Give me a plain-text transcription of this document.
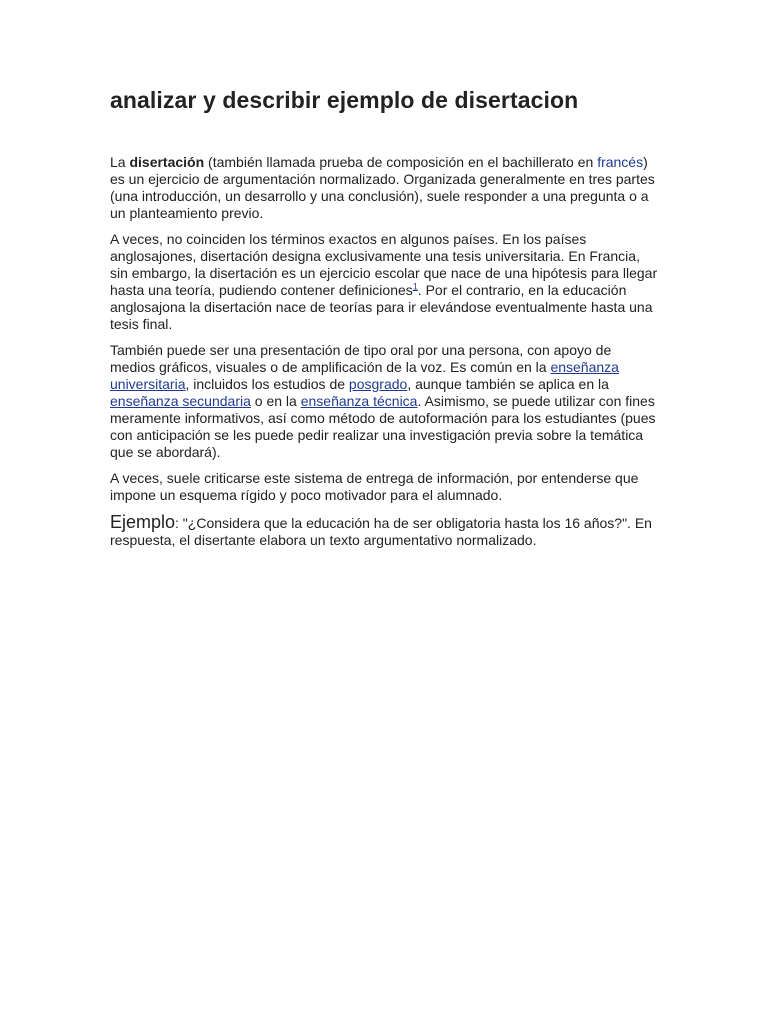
analizar y describir ejemplo de disertacion

La disertación (también llamada prueba de composición en el bachillerato en francés) es un ejercicio de argumentación normalizado. Organizada generalmente en tres partes (una introducción, un desarrollo y una conclusión), suele responder a una pregunta o a un planteamiento previo.

A veces, no coinciden los términos exactos en algunos países. En los países anglosajones, disertación designa exclusivamente una tesis universitaria. En Francia, sin embargo, la disertación es un ejercicio escolar que nace de una hipótesis para llegar hasta una teoría, pudiendo contener definiciones$^1$. Por el contrario, en la educación anglosajona la disertación nace de teorías para ir elevándose eventualmente hasta una tesis final.

También puede ser una presentación de tipo oral por una persona, con apoyo de medios gráficos, visuales o de amplificación de la voz. Es común en la enseñanza universitaria, incluidos los estudios de posgrado, aunque también se aplica en la enseñanza secundaria o en la enseñanza técnica. Asimismo, se puede utilizar con fines meramente informativos, así como método de autoformación para los estudiantes (pues con anticipación se les puede pedir realizar una investigación previa sobre la temática que se abordará).

A veces, suele criticarse este sistema de entrega de información, por entenderse que impone un esquema rígido y poco motivador para el alumnado.

Ejemplo: "¿Considera que la educación ha de ser obligatoria hasta los 16 años?". En respuesta, el disertante elabora un texto argumentativo normalizado.
